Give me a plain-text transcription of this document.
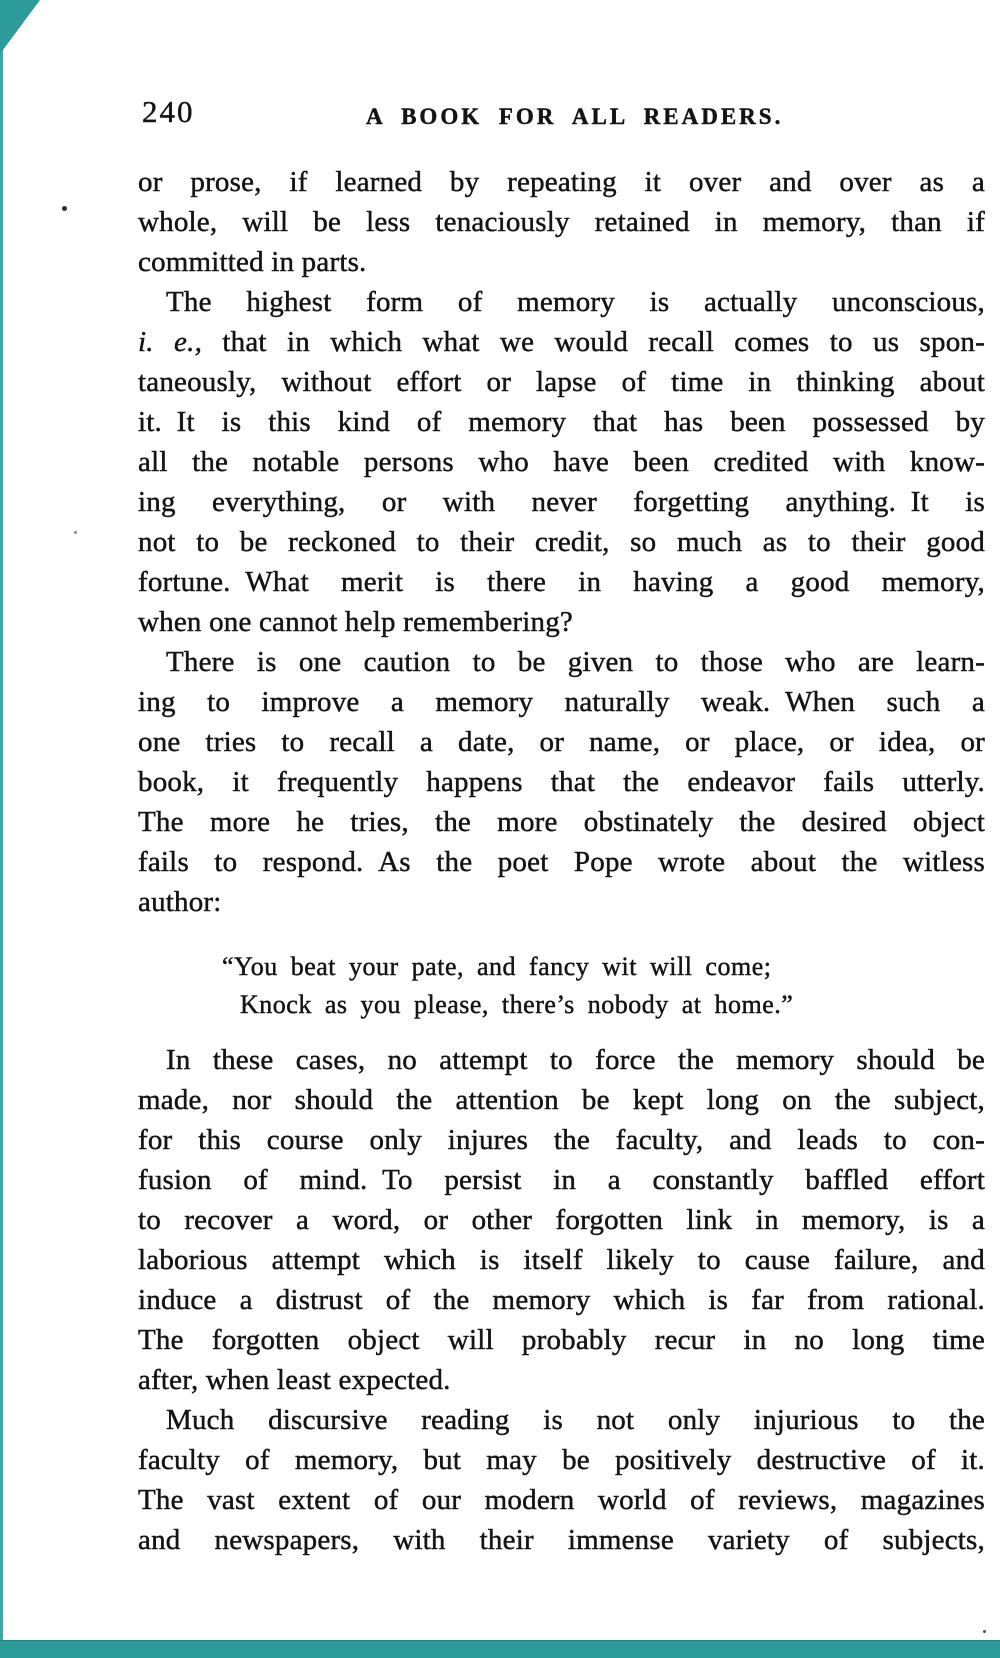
240	A BOOK FOR ALL READERS.
or prose, if learned by repeating it over and over as a
whole, will be less tenaciously retained in memory, than if
committed in parts.
The highest form of memory is actually unconscious,
i. e., that in which what we would recall comes to us spon-
taneously, without effort or lapse of time in thinking about
it. It is this kind of memory that has been possessed by
all the notable persons who have been credited with know-
ing everything, or with never forgetting anything. It is
not to be reckoned to their credit, so much as to their good
fortune. What merit is there in having a good memory,
when one cannot help remembering?
There is one caution to be given to those who are learn-
ing to improve a memory naturally weak. When such a
one tries to recall a date, or name, or place, or idea, or
book, it frequently happens that the endeavor fails utterly.
The more he tries, the more obstinately the desired object
fails to respond. As the poet Pope wrote about the witless
author:
“You beat your pate, and fancy wit will come;
Knock as you please, there’s nobody at home.”
In these cases, no attempt to force the memory should be
made, nor should the attention be kept long on the subject,
for this course only injures the faculty, and leads to con-
fusion of mind. To persist in a constantly baffled effort
to recover a word, or other forgotten link in memory, is a
laborious attempt which is itself likely to cause failure, and
induce a distrust of the memory which is far from rational.
The forgotten object will probably recur in no long time
after, when least expected.
Much discursive reading is not only injurious to the
faculty of memory, but may be positively destructive of it.
The vast extent of our modern world of reviews, magazines
and newspapers, with their immense variety of subjects,
